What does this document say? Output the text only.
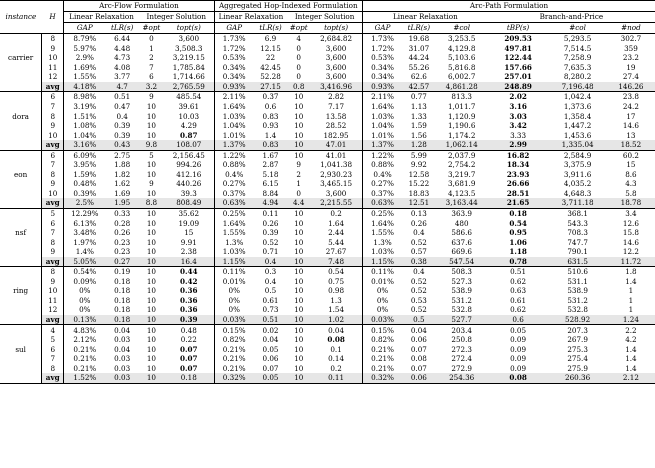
instance	H	Arc-Flow Formulation				Aggregated Hop-Indexed Formulation				Arc-Path Formulation					
		Linear Relaxation		Integer Solution		Linear Relaxation		Integer Solution		Linear Relaxation			Branch-and-Price		
		GAP	tLR(s)	#opt	topt(s)	GAP	tLR(s)	#opt	topt(s)	GAP	tLR(s)	#col	tBP(s)	#col	#nod
carrier	8	8.79%	6.44	0	3,600	1.73%	6.9	4	2,684.82	1.73%	19.68	3,253.5	209.53	5,293.5	302.7
	9	5.97%	4.48	1	3,508.3	1.72%	12.15	0	3,600	1.72%	31.07	4,129.8	497.81	7,514.5	359
	10	2.9%	4.73	2	3,219.15	0.53%	22	0	3,600	0.53%	44.24	5,103.6	122.44	7,258.9	23.2
	11	1.69%	4.08	7	1,785.84	0.34%	42.45	0	3,600	0.34%	55.26	5,816.8	157.66	7,635.3	19
	12	1.55%	3.77	6	1,714.66	0.34%	52.28	0	3,600	0.34%	62.6	6,002.7	257.01	8,280.2	27.4
	avg	4.18%	4.7	3.2	2,765.59	0.93%	27.15	0.8	3,416.96	0.93%	42.57	4,861.28	248.89	7,196.48	146.26
dora	6	8.98%	0.51	9	485.54	2.11%	0.37	10	2.82	2.11%	0.77	813.3	2.02	1,042.4	23.8
	7	3.19%	0.47	10	39.61	1.64%	0.6	10	7.17	1.64%	1.13	1,011.7	3.16	1,373.6	24.2
	8	1.51%	0.4	10	10.03	1.03%	0.83	10	13.58	1.03%	1.33	1,120.9	3.03	1,358.4	17
	9	1.08%	0.39	10	4.29	1.04%	0.93	10	28.52	1.04%	1.59	1,190.6	3.42	1,447.2	14.6
	10	1.04%	0.39	10	0.87	1.01%	1.4	10	182.95	1.01%	1.56	1,174.2	3.33	1,453.6	13
	avg	3.16%	0.43	9.8	108.07	1.37%	0.83	10	47.01	1.37%	1.28	1,062.14	2.99	1,335.04	18.52
eon	6	6.09%	2.75	5	2,156.45	1.22%	1.67	10	41.01	1.22%	5.99	2,037.9	16.82	2,584.9	60.2
	7	3.95%	1.88	10	994.26	0.88%	2.87	9	1,041.38	0.88%	9.92	2,754.2	18.34	3,375.9	15
	8	1.59%	1.82	10	412.16	0.4%	5.18	2	2,930.23	0.4%	12.58	3,219.7	23.93	3,911.6	8.6
	9	0.48%	1.62	9	440.26	0.27%	6.15	1	3,465.15	0.27%	15.22	3,681.9	26.66	4,035.2	4.3
	10	0.39%	1.69	10	39.3	0.37%	8.84	0	3,600	0.37%	18.83	4,123.5	28.51	4,648.3	5.8
	avg	2.5%	1.95	8.8	808.49	0.63%	4.94	4.4	2,215.55	0.63%	12.51	3,163.44	21.65	3,711.18	18.78
nsf	5	12.29%	0.33	10	35.62	0.25%	0.11	10	0.2	0.25%	0.13	363.9	0.18	368.1	3.4
	6	6.13%	0.28	10	19.09	1.64%	0.26	10	1.64	1.64%	0.26	480	0.54	543.3	12.6
	7	3.48%	0.26	10	15	1.55%	0.39	10	2.44	1.55%	0.4	586.6	0.95	708.3	15.8
	8	1.97%	0.23	10	9.91	1.3%	0.52	10	5.44	1.3%	0.52	637.6	1.06	747.7	14.6
	9	1.4%	0.23	10	2.38	1.03%	0.71	10	27.67	1.03%	0.57	669.6	1.18	790.1	12.2
	avg	5.05%	0.27	10	16.4	1.15%	0.4	10	7.48	1.15%	0.38	547.54	0.78	631.5	11.72
ring	8	0.54%	0.19	10	0.44	0.11%	0.3	10	0.54	0.11%	0.4	508.3	0.51	510.6	1.8
	9	0.09%	0.18	10	0.42	0.01%	0.4	10	0.75	0.01%	0.52	527.3	0.62	531.1	1.4
	10	0%	0.18	10	0.36	0%	0.5	10	0.98	0%	0.52	538.9	0.63	538.9	1
	11	0%	0.18	10	0.36	0%	0.61	10	1.3	0%	0.53	531.2	0.61	531.2	1
	12	0%	0.18	10	0.36	0%	0.73	10	1.54	0%	0.52	532.8	0.62	532.8	1
	avg	0.13%	0.18	10	0.39	0.03%	0.51	10	1.02	0.03%	0.5	527.7	0.6	528.92	1.24
sul	4	4.83%	0.04	10	0.48	0.15%	0.02	10	0.04	0.15%	0.04	203.4	0.05	207.3	2.2
	5	2.12%	0.03	10	0.22	0.82%	0.04	10	0.08	0.82%	0.06	250.8	0.09	267.9	4.2
	6	0.21%	0.04	10	0.07	0.21%	0.05	10	0.1	0.21%	0.07	272.3	0.09	275.3	1.4
	7	0.21%	0.03	10	0.07	0.21%	0.06	10	0.14	0.21%	0.08	272.4	0.09	275.4	1.4
	8	0.21%	0.03	10	0.07	0.21%	0.07	10	0.2	0.21%	0.07	272.9	0.09	275.9	1.4
	avg	1.52%	0.03	10	0.18	0.32%	0.05	10	0.11	0.32%	0.06	254.36	0.08	260.36	2.12
